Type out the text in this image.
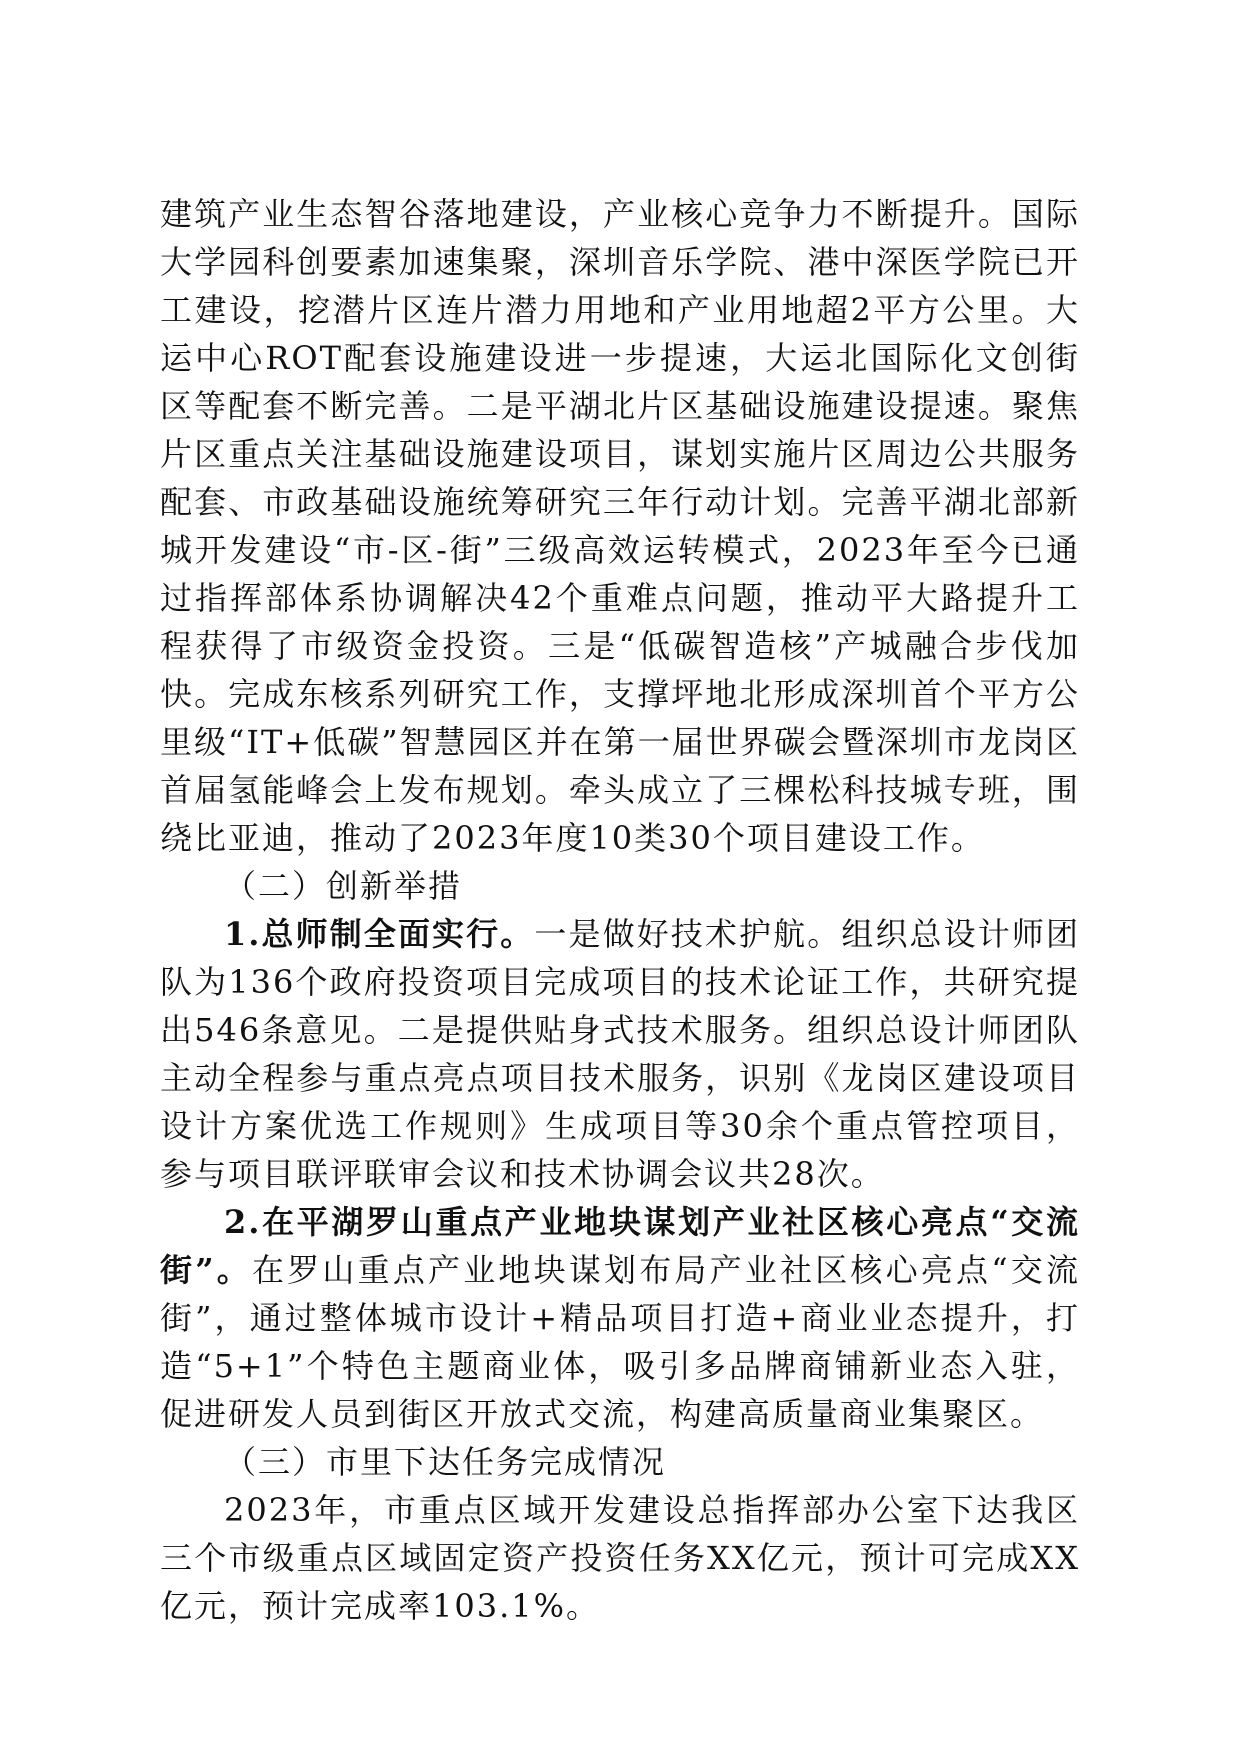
建筑产业生态智谷落地建设，产业核心竞争力不断提升。国际大学园科创要素加速集聚，深圳音乐学院、港中深医学院已开工建设，挖潜片区连片潜力用地和产业用地超2平方公里。大运中心ROT配套设施建设进一步提速，大运北国际化文创街区等配套不断完善。二是平湖北片区基础设施建设提速。聚焦片区重点关注基础设施建设项目，谋划实施片区周边公共服务配套、市政基础设施统筹研究三年行动计划。完善平湖北部新城开发建设“市-区-街”三级高效运转模式，2023年至今已通过指挥部体系协调解决42个重难点问题，推动平大路提升工程获得了市级资金投资。三是“低碳智造核”产城融合步伐加快。完成东核系列研究工作，支撑坪地北形成深圳首个平方公里级“IT+低碳”智慧园区并在第一届世界碳会暨深圳市龙岗区首届氢能峰会上发布规划。牵头成立了三棵松科技城专班，围绕比亚迪，推动了2023年度10类30个项目建设工作。

（二）创新举措

1.总师制全面实行。一是做好技术护航。组织总设计师团队为136个政府投资项目完成项目的技术论证工作，共研究提出546条意见。二是提供贴身式技术服务。组织总设计师团队主动全程参与重点亮点项目技术服务，识别《龙岗区建设项目设计方案优选工作规则》生成项目等30余个重点管控项目，参与项目联评联审会议和技术协调会议共28次。

2.在平湖罗山重点产业地块谋划产业社区核心亮点“交流街”。在罗山重点产业地块谋划布局产业社区核心亮点“交流街”，通过整体城市设计+精品项目打造+商业业态提升，打造“5+1”个特色主题商业体，吸引多品牌商铺新业态入驻，促进研发人员到街区开放式交流，构建高质量商业集聚区。

（三）市里下达任务完成情况

2023年，市重点区域开发建设总指挥部办公室下达我区三个市级重点区域固定资产投资任务XX亿元，预计可完成XX亿元，预计完成率103.1%。
